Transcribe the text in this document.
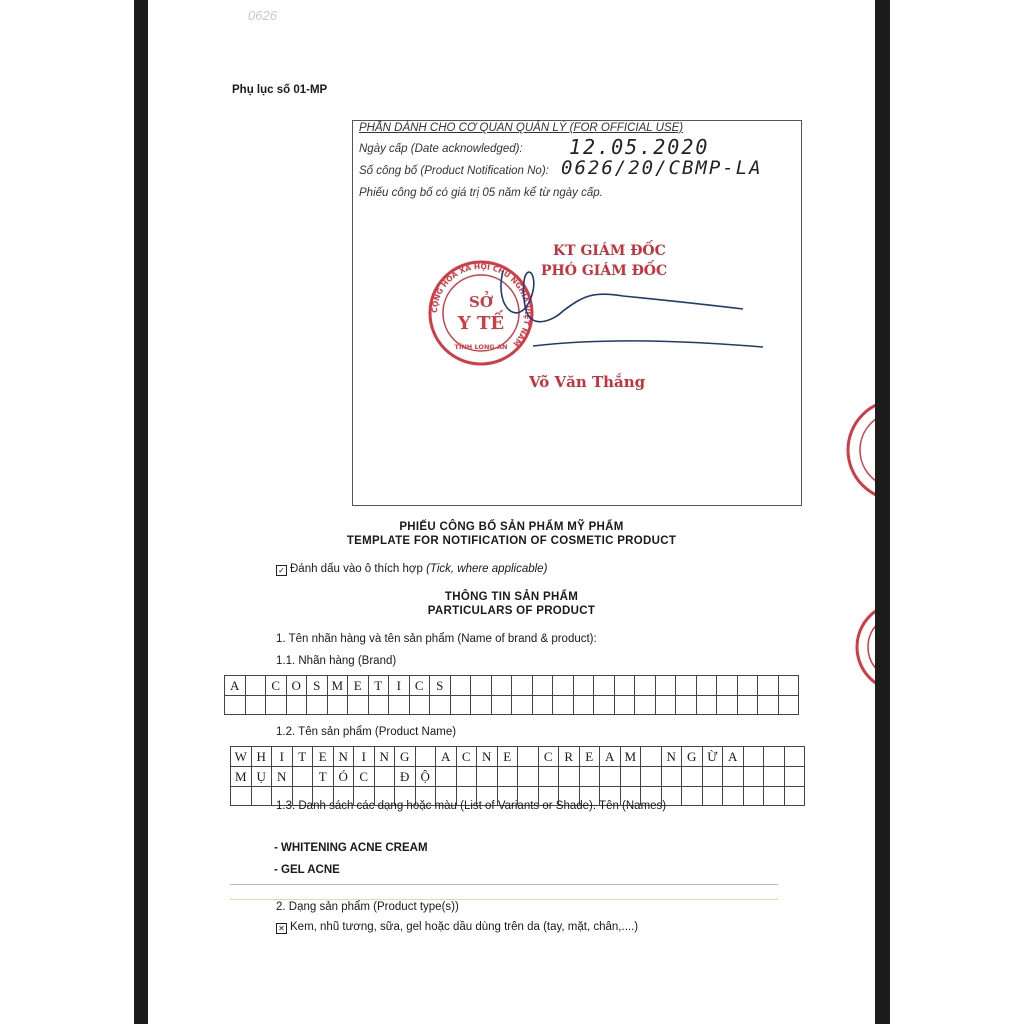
0626
Phụ lục số 01-MP
PHẦN DÀNH CHO CƠ QUAN QUẢN LÝ (FOR OFFICIAL USE)
Ngày cấp (Date acknowledged): 12.05.2020
Số công bố (Product Notification No): 0626/20/CBMP-LA
Phiếu công bố có giá trị 05 năm kể từ ngày cấp.
KT GIÁM ĐỐC
PHÓ GIÁM ĐỐC
CỘNG HÒA XÃ HỘI CHỦ NGHĨA VIỆT NAM
SỞ
Y TẾ
TỈNH LONG AN
Võ Văn Thắng
PHIẾU CÔNG BỐ SẢN PHẨM MỸ PHẨM
TEMPLATE FOR NOTIFICATION OF COSMETIC PRODUCT
✓ Đánh dấu vào ô thích hợp (Tick, where applicable)
THÔNG TIN SẢN PHẨM
PARTICULARS OF PRODUCT
1. Tên nhãn hàng và tên sản phẩm (Name of brand & product):
1.1. Nhãn hàng (Brand)
A		C	O	S	M	E	T	I	C	S																	

1.2. Tên sản phẩm (Product Name)
W	H	I	T	E	N	I	N	G		A	C	N	E		C	R	E	A	M		N	G	Ừ	A			
M	Ụ	N		T	Ó	C		Đ	Ộ																		

1.3. Danh sách các dạng hoặc màu (List of Variants or Shade). Tên (Names)
- WHITENING ACNE CREAM
- GEL ACNE
2. Dạng sản phẩm (Product type(s))
✕ Kem, nhũ tương, sữa, gel hoặc dầu dùng trên da (tay, mặt, chân,....)
